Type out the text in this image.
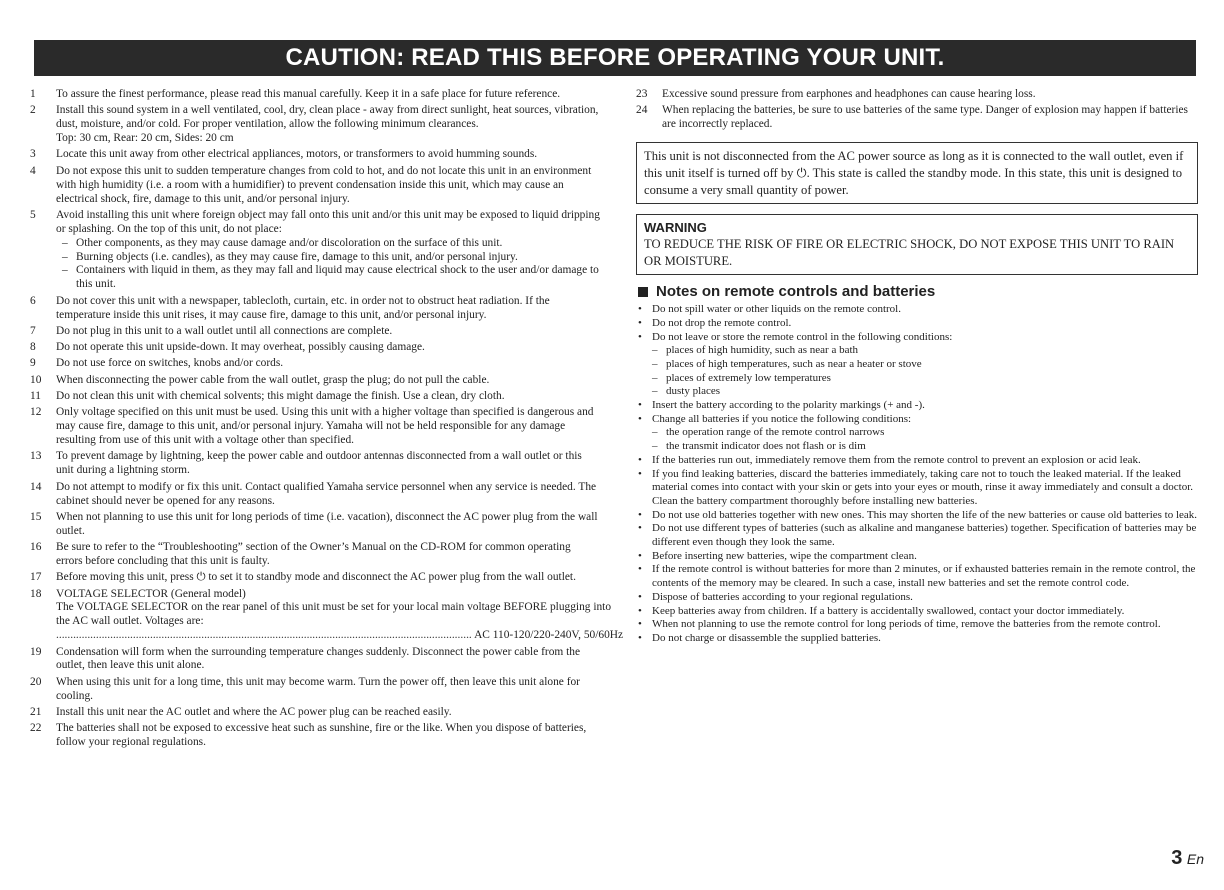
CAUTION: READ THIS BEFORE OPERATING YOUR UNIT.
1	To assure the finest performance, please read this manual carefully. Keep it in a safe place for future reference.
2	Install this sound system in a well ventilated, cool, dry, clean place - away from direct sunlight, heat sources, vibration, dust, moisture, and/or cold. For proper ventilation, allow the following minimum clearances.
Top: 30 cm, Rear: 20 cm, Sides: 20 cm
3	Locate this unit away from other electrical appliances, motors, or transformers to avoid humming sounds.
4	Do not expose this unit to sudden temperature changes from cold to hot, and do not locate this unit in an environment with high humidity (i.e. a room with a humidifier) to prevent condensation inside this unit, which may cause an electrical shock, fire, damage to this unit, and/or personal injury.
5	Avoid installing this unit where foreign object may fall onto this unit and/or this unit may be exposed to liquid dripping or splashing. On the top of this unit, do not place:
– Other components, as they may cause damage and/or discoloration on the surface of this unit.
– Burning objects (i.e. candles), as they may cause fire, damage to this unit, and/or personal injury.
– Containers with liquid in them, as they may fall and liquid may cause electrical shock to the user and/or damage to this unit.
6	Do not cover this unit with a newspaper, tablecloth, curtain, etc. in order not to obstruct heat radiation. If the temperature inside this unit rises, it may cause fire, damage to this unit, and/or personal injury.
7	Do not plug in this unit to a wall outlet until all connections are complete.
8	Do not operate this unit upside-down. It may overheat, possibly causing damage.
9	Do not use force on switches, knobs and/or cords.
10	When disconnecting the power cable from the wall outlet, grasp the plug; do not pull the cable.
11	Do not clean this unit with chemical solvents; this might damage the finish. Use a clean, dry cloth.
12	Only voltage specified on this unit must be used. Using this unit with a higher voltage than specified is dangerous and may cause fire, damage to this unit, and/or personal injury. Yamaha will not be held responsible for any damage resulting from use of this unit with a voltage other than specified.
13	To prevent damage by lightning, keep the power cable and outdoor antennas disconnected from a wall outlet or this unit during a lightning storm.
14	Do not attempt to modify or fix this unit. Contact qualified Yamaha service personnel when any service is needed. The cabinet should never be opened for any reasons.
15	When not planning to use this unit for long periods of time (i.e. vacation), disconnect the AC power plug from the wall outlet.
16	Be sure to refer to the “Troubleshooting” section of the Owner’s Manual on the CD-ROM for common operating errors before concluding that this unit is faulty.
17	Before moving this unit, press ⏻ to set it to standby mode and disconnect the AC power plug from the wall outlet.
18	VOLTAGE SELECTOR (General model)
The VOLTAGE SELECTOR on the rear panel of this unit must be set for your local main voltage BEFORE plugging into the AC wall outlet. Voltages are:
.....
AC 110-120/220-240V, 50/60Hz
19	Condensation will form when the surrounding temperature changes suddenly. Disconnect the power cable from the outlet, then leave this unit alone.
20	When using this unit for a long time, this unit may become warm. Turn the power off, then leave this unit alone for cooling.
21	Install this unit near the AC outlet and where the AC power plug can be reached easily.
22	The batteries shall not be exposed to excessive heat such as sunshine, fire or the like. When you dispose of batteries, follow your regional regulations.
23	Excessive sound pressure from earphones and headphones can cause hearing loss.
24	When replacing the batteries, be sure to use batteries of the same type. Danger of explosion may happen if batteries are incorrectly replaced.
This unit is not disconnected from the AC power source as long as it is connected to the wall outlet, even if this unit itself is turned off by ⏻. This state is called the standby mode. In this state, this unit is designed to consume a very small quantity of power.
WARNING
TO REDUCE THE RISK OF FIRE OR ELECTRIC SHOCK, DO NOT EXPOSE THIS UNIT TO RAIN OR MOISTURE.
Notes on remote controls and batteries
• Do not spill water or other liquids on the remote control.
• Do not drop the remote control.
• Do not leave or store the remote control in the following conditions:
– places of high humidity, such as near a bath
– places of high temperatures, such as near a heater or stove
– places of extremely low temperatures
– dusty places
• Insert the battery according to the polarity markings (+ and -).
• Change all batteries if you notice the following conditions:
– the operation range of the remote control narrows
– the transmit indicator does not flash or is dim
• If the batteries run out, immediately remove them from the remote control to prevent an explosion or acid leak.
• If you find leaking batteries, discard the batteries immediately, taking care not to touch the leaked material. If the leaked material comes into contact with your skin or gets into your eyes or mouth, rinse it away immediately and consult a doctor. Clean the battery compartment thoroughly before installing new batteries.
• Do not use old batteries together with new ones. This may shorten the life of the new batteries or cause old batteries to leak.
• Do not use different types of batteries (such as alkaline and manganese batteries) together. Specification of batteries may be different even though they look the same.
• Before inserting new batteries, wipe the compartment clean.
• If the remote control is without batteries for more than 2 minutes, or if exhausted batteries remain in the remote control, the contents of the memory may be cleared. In such a case, install new batteries and set the remote control code.
• Dispose of batteries according to your regional regulations.
• Keep batteries away from children. If a battery is accidentally swallowed, contact your doctor immediately.
• When not planning to use the remote control for long periods of time, remove the batteries from the remote control.
• Do not charge or disassemble the supplied batteries.
3 En
